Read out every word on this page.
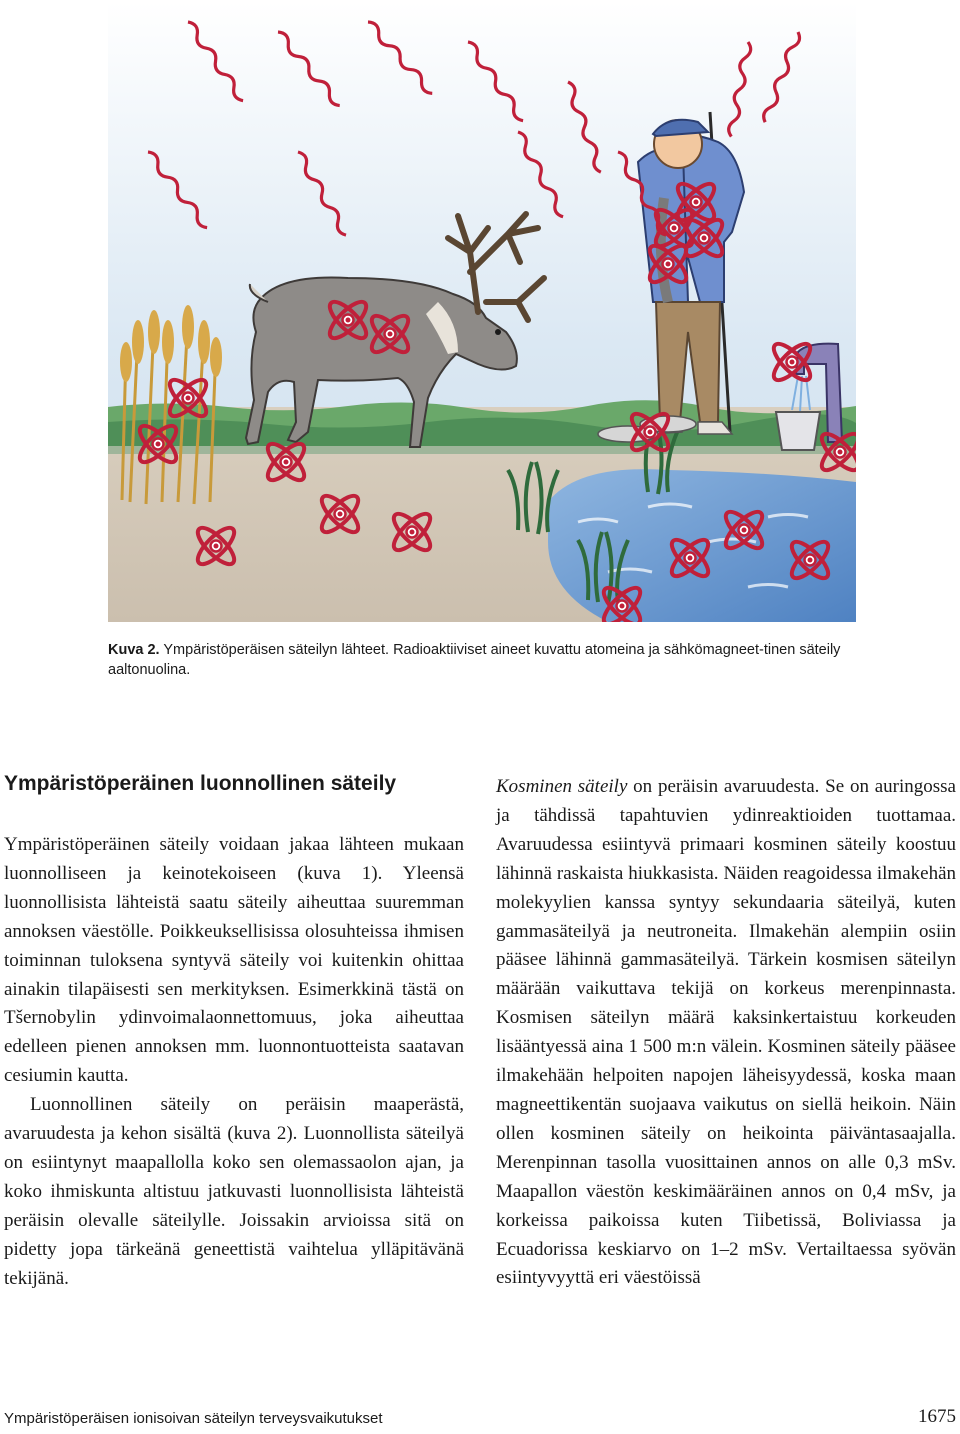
Kuva 2. Ympäristöperäisen säteilyn lähteet. Radioaktiiviset aineet kuvattu atomeina ja sähkömagneet-tinen säteily aaltonuolina.
Ympäristöperäinen luonnollinen säteily

Ympäristöperäinen säteily voidaan jakaa lähteen mukaan luonnolliseen ja keinotekoiseen (kuva 1). Yleensä luonnollisista lähteistä saatu säteily aiheuttaa suuremman annoksen väestölle. Poikkeuksellisissa olosuhteissa ihmisen toiminnan tuloksena syntyvä säteily voi kuitenkin ohittaa ainakin tilapäisesti sen merkityksen. Esimerkkinä tästä on Tšernobylin ydinvoimalaonnettomuus, joka aiheuttaa edelleen pienen annoksen mm. luonnontuotteista saatavan cesiumin kautta.

Luonnollinen säteily on peräisin maaperästä, avaruudesta ja kehon sisältä (kuva 2). Luonnollista säteilyä on esiintynyt maapallolla koko sen olemassaolon ajan, ja koko ihmiskunta altistuu jatkuvasti luonnollisista lähteistä peräisin olevalle säteilylle. Joissakin arvioissa sitä on pidetty jopa tärkeänä geneettistä vaihtelua ylläpitävänä tekijänä.

Kosminen säteily on peräisin avaruudesta. Se on auringossa ja tähdissä tapahtuvien ydinreaktioiden tuottamaa. Avaruudessa esiintyvä primaari kosminen säteily koostuu lähinnä raskaista hiukkasista. Näiden reagoidessa ilmakehän molekyylien kanssa syntyy sekundaaria säteilyä, kuten gammasäteilyä ja neutroneita. Ilmakehän alempiin osiin pääsee lähinnä gammasäteilyä. Tärkein kosmisen säteilyn määrään vaikuttava tekijä on korkeus merenpinnasta. Kosmisen säteilyn määrä kaksinkertaistuu korkeuden lisääntyessä aina 1 500 m:n välein. Kosminen säteily pääsee ilmakehään helpoiten napojen läheisyydessä, koska maan magneettikentän suojaava vaikutus on siellä heikoin. Näin ollen kosminen säteily on heikointa päiväntasaajalla. Merenpinnan tasolla vuosittainen annos on alle 0,3 mSv. Maapallon väestön keskimääräinen annos on 0,4 mSv, ja korkeissa paikoissa kuten Tiibetissä, Boliviassa ja Ecuadorissa keskiarvo on 1–2 mSv. Vertailtaessa syövän esiintyvyyttä eri väestöissä

Ympäristöperäisen ionisoivan säteilyn terveysvaikutukset	1675
